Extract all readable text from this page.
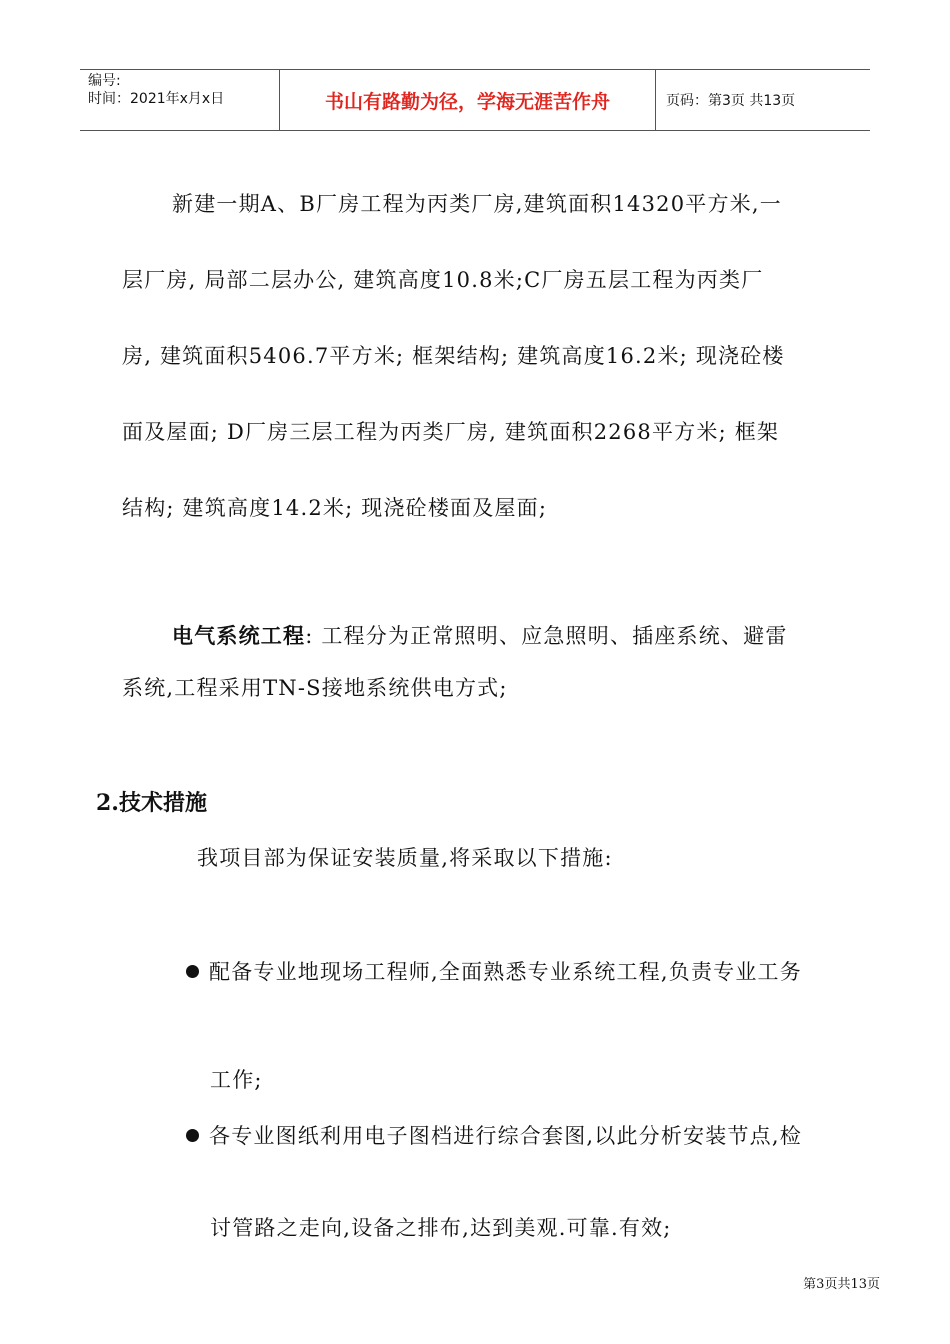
编号:
时间：2021年x月x日	书山有路勤为径，学海无涯苦作舟	页码：第3页 共13页
新建一期A、B厂房工程为丙类厂房,建筑面积14320平方米,一
层厂房, 局部二层办公, 建筑高度10.8米;C厂房五层工程为丙类厂
房, 建筑面积5406.7平方米; 框架结构; 建筑高度16.2米; 现浇砼楼
面及屋面; D厂房三层工程为丙类厂房, 建筑面积2268平方米; 框架
结构; 建筑高度14.2米; 现浇砼楼面及屋面;
电气系统工程: 工程分为正常照明、应急照明、插座系统、避雷
系统,工程采用TN-S接地系统供电方式;
2.技术措施
我项目部为保证安装质量,将采取以下措施:
配备专业地现场工程师,全面熟悉专业系统工程,负责专业工务
工作;
各专业图纸利用电子图档进行综合套图,以此分析安装节点,检
讨管路之走向,设备之排布,达到美观.可靠.有效;
第3页共13页
